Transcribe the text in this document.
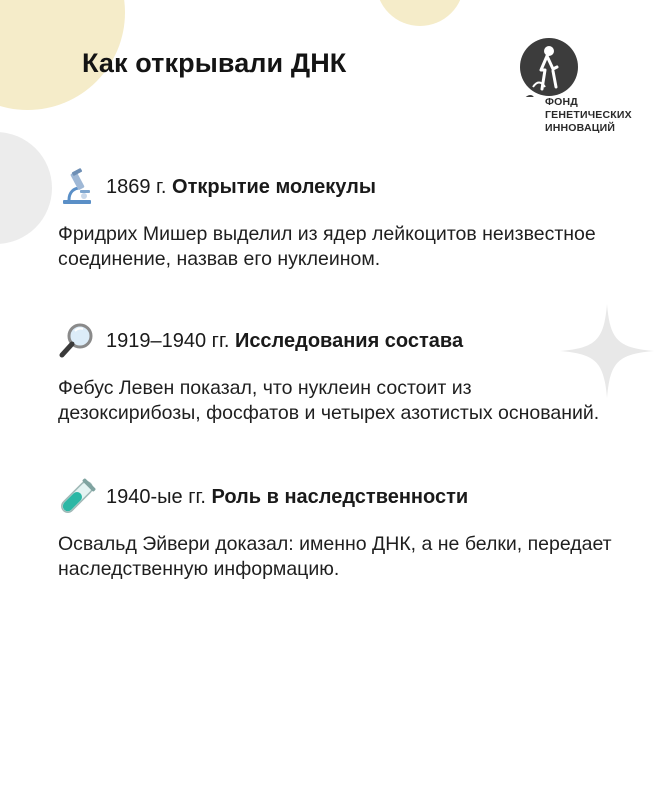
Как открывали ДНК
ФОНД
ГЕНЕТИЧЕСКИХ
ИННОВАЦИЙ
1869 г. Открытие молекулы

Фридрих Мишер выделил из ядер лейкоцитов неизвестное соединение, назвав его нуклеином.

1919–1940 гг. Исследования состава

Фебус Левен показал, что нуклеин состоит из дезоксирибозы, фосфатов и четырех азотистых оснований.

1940-ые гг. Роль в наследственности

Освальд Эйвери доказал: именно ДНК, а не белки, передает наследственную информацию.
